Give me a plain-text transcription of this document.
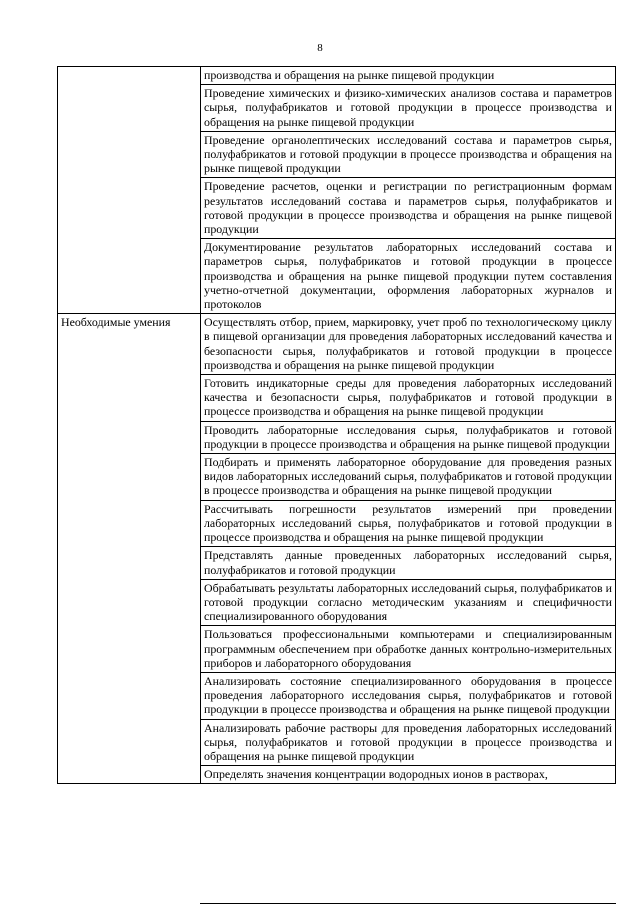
8
	производства и обращения на рынке пищевой продукции
	Проведение химических и физико-химических анализов состава и параметров сырья, полуфабрикатов и готовой продукции в процессе производства и обращения на рынке пищевой продукции
	Проведение органолептических исследований состава и параметров сырья, полуфабрикатов и готовой продукции в процессе производства и обращения на рынке пищевой продукции
	Проведение расчетов, оценки и регистрации по регистрационным формам результатов исследований состава и параметров сырья, полуфабрикатов и готовой продукции в процессе производства и обращения на рынке пищевой продукции
	Документирование результатов лабораторных исследований состава и параметров сырья, полуфабрикатов и готовой продукции в процессе производства и обращения на рынке пищевой продукции путем составления учетно-отчетной документации, оформления лабораторных журналов и протоколов
Необходимые умения	Осуществлять отбор, прием, маркировку, учет проб по технологическому циклу в пищевой организации для проведения лабораторных исследований качества и безопасности сырья, полуфабрикатов и готовой продукции в процессе производства и обращения на рынке пищевой продукции
	Готовить индикаторные среды для проведения лабораторных исследований качества и безопасности сырья, полуфабрикатов и готовой продукции в процессе производства и обращения на рынке пищевой продукции
	Проводить лабораторные исследования сырья, полуфабрикатов и готовой продукции в процессе производства и обращения на рынке пищевой продукции
	Подбирать и применять лабораторное оборудование для проведения разных видов лабораторных исследований сырья, полуфабрикатов и готовой продукции в процессе производства и обращения на рынке пищевой продукции
	Рассчитывать погрешности результатов измерений при проведении лабораторных исследований сырья, полуфабрикатов и готовой продукции в процессе производства и обращения на рынке пищевой продукции
	Представлять данные проведенных лабораторных исследований сырья, полуфабрикатов и готовой продукции
	Обрабатывать результаты лабораторных исследований сырья, полуфабрикатов и готовой продукции согласно методическим указаниям и специфичности специализированного оборудования
	Пользоваться профессиональными компьютерами и специализированным программным обеспечением при обработке данных контрольно-измерительных приборов и лабораторного оборудования
	Анализировать состояние специализированного оборудования в процессе проведения лабораторного исследования сырья, полуфабрикатов и готовой продукции в процессе производства и обращения на рынке пищевой продукции
	Анализировать рабочие растворы для проведения лабораторных исследований сырья, полуфабрикатов и готовой продукции в процессе производства и обращения на рынке пищевой продукции
	Определять значения концентрации водородных ионов в растворах,
